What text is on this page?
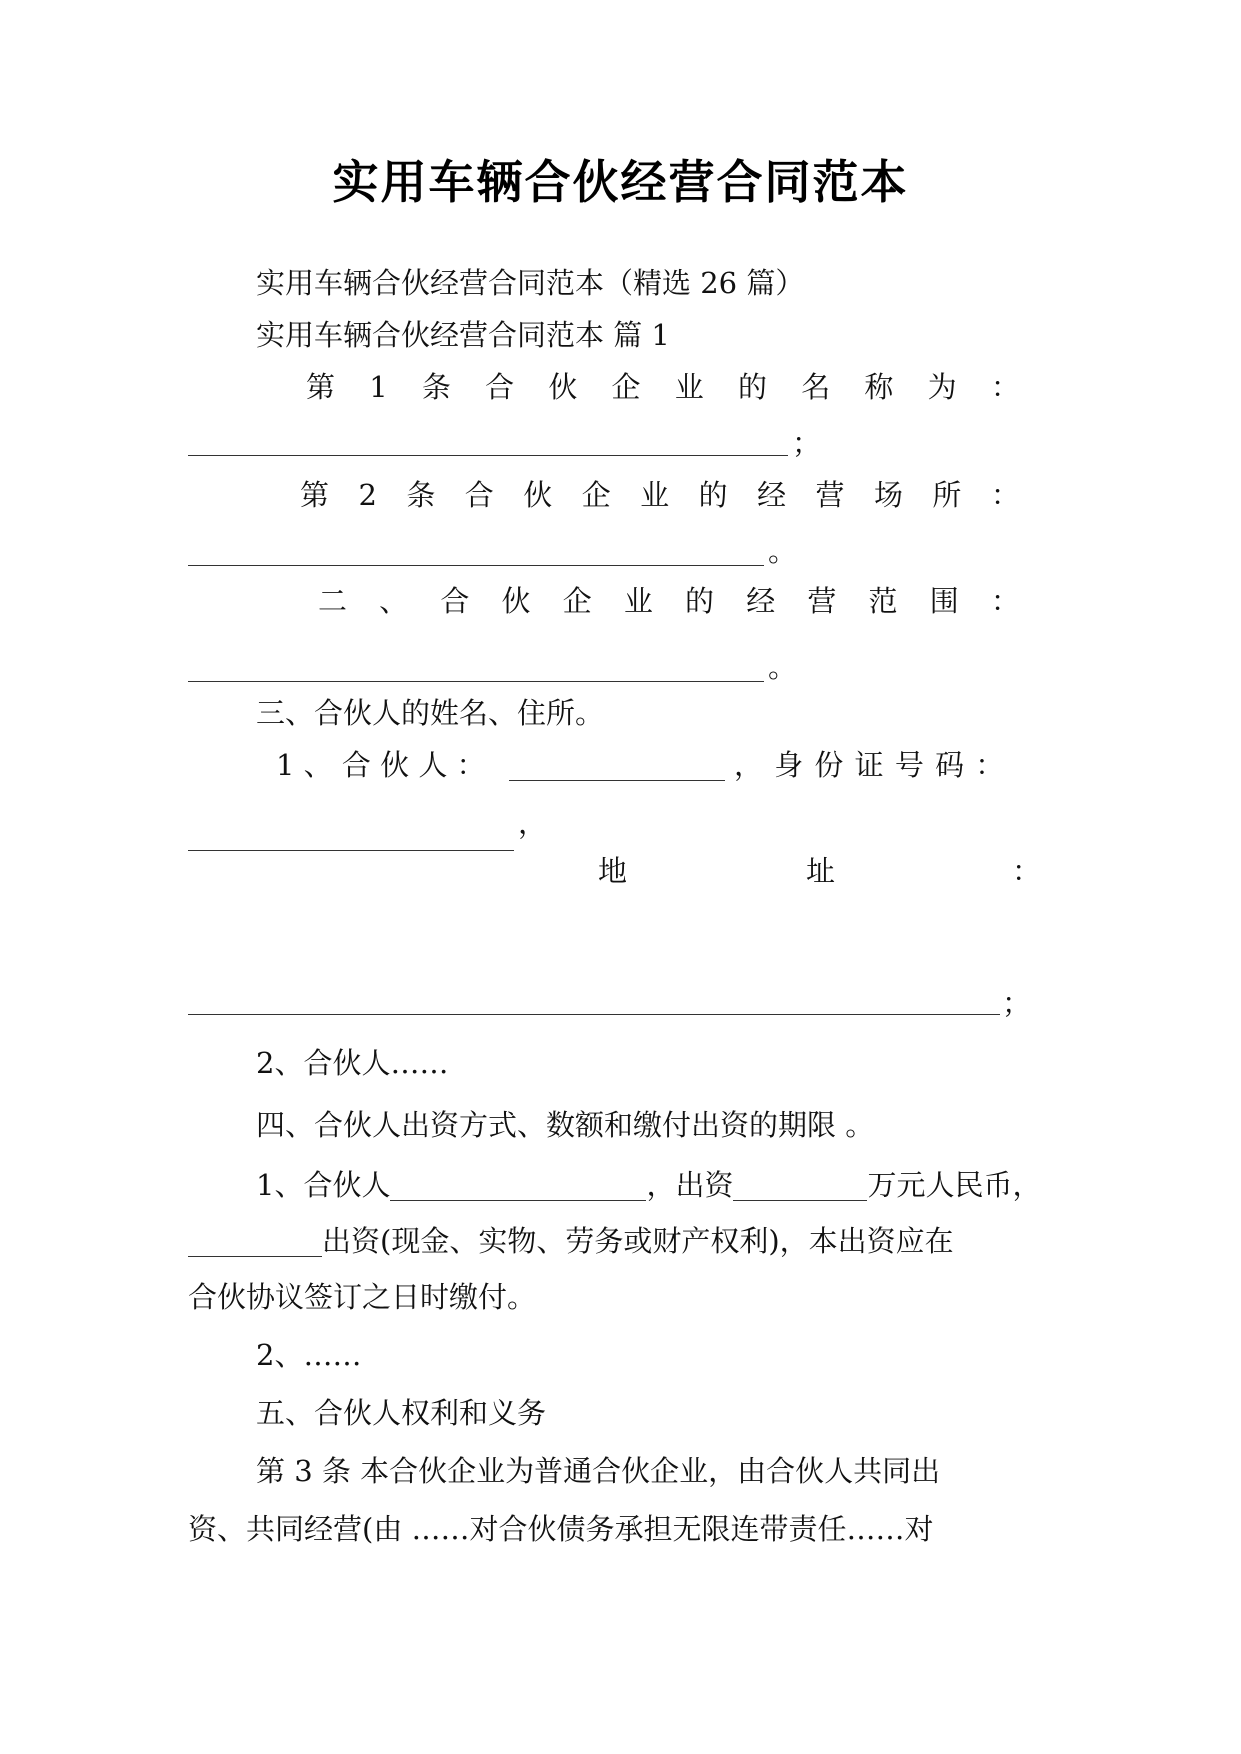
实用车辆合伙经营合同范本
实用车辆合伙经营合同范本（精选 26 篇）
实用车辆合伙经营合同范本 篇 1
第 1 条 合 伙 企 业 的 名 称 为 ：
；
第 2 条 合 伙 企 业 的 经 营 场 所 ：
。
二 、 合 伙 企 业 的 经 营 范 围 ：
。
三、合伙人的姓名、住所。
1 、 合 伙 人 ：	， 身 份 证 号 码 ：
，
地	址	：
；
2、合伙人……
四、合伙人出资方式、数额和缴付出资的期限 。
1、合伙人	，出资	万元人民币，
出资(现金、实物、劳务或财产权利)，本出资应在
合伙协议签订之日时缴付。
2、……
五、合伙人权利和义务
第 3 条 本合伙企业为普通合伙企业，由合伙人共同出
资、共同经营(由 ……对合伙债务承担无限连带责任……对
